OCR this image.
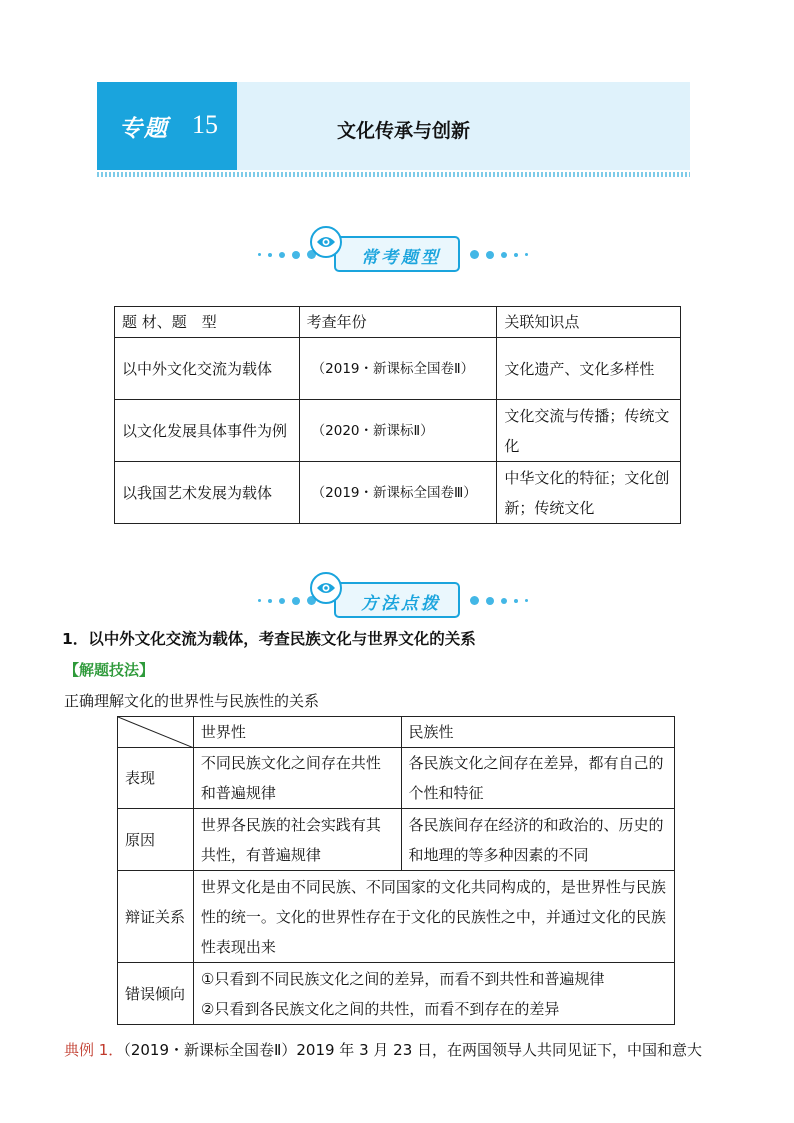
专题 15	文化传承与创新
常考题型
题 材、题　型	考查年份	关联知识点
以中外文化交流为载体	（2019・新课标全国卷Ⅱ）	文化遗产、文化多样性
以文化发展具体事件为例	（2020・新课标Ⅱ）	文化交流与传播；传统文化
以我国艺术发展为载体	（2019・新课标全国卷Ⅲ）	中华文化的特征；文化创新；传统文化
方法点拨
1．以中外文化交流为载体，考查民族文化与世界文化的关系
【解题技法】
正确理解文化的世界性与民族性的关系
	世界性	民族性
表现	不同民族文化之间存在共性和普遍规律	各民族文化之间存在差异，都有自己的个性和特征
原因	世界各民族的社会实践有其共性，有普遍规律	各民族间存在经济的和政治的、历史的和地理的等多种因素的不同
辩证关系	世界文化是由不同民族、不同国家的文化共同构成的，是世界性与民族性的统一。文化的世界性存在于文化的民族性之中，并通过文化的民族性表现出来	
错误倾向	①只看到不同民族文化之间的差异，而看不到共性和普遍规律
②只看到各民族文化之间的共性，而看不到存在的差异	
典例 1．（2019・新课标全国卷Ⅱ）2019 年 3 月 23 日，在两国领导人共同见证下，中国和意大
